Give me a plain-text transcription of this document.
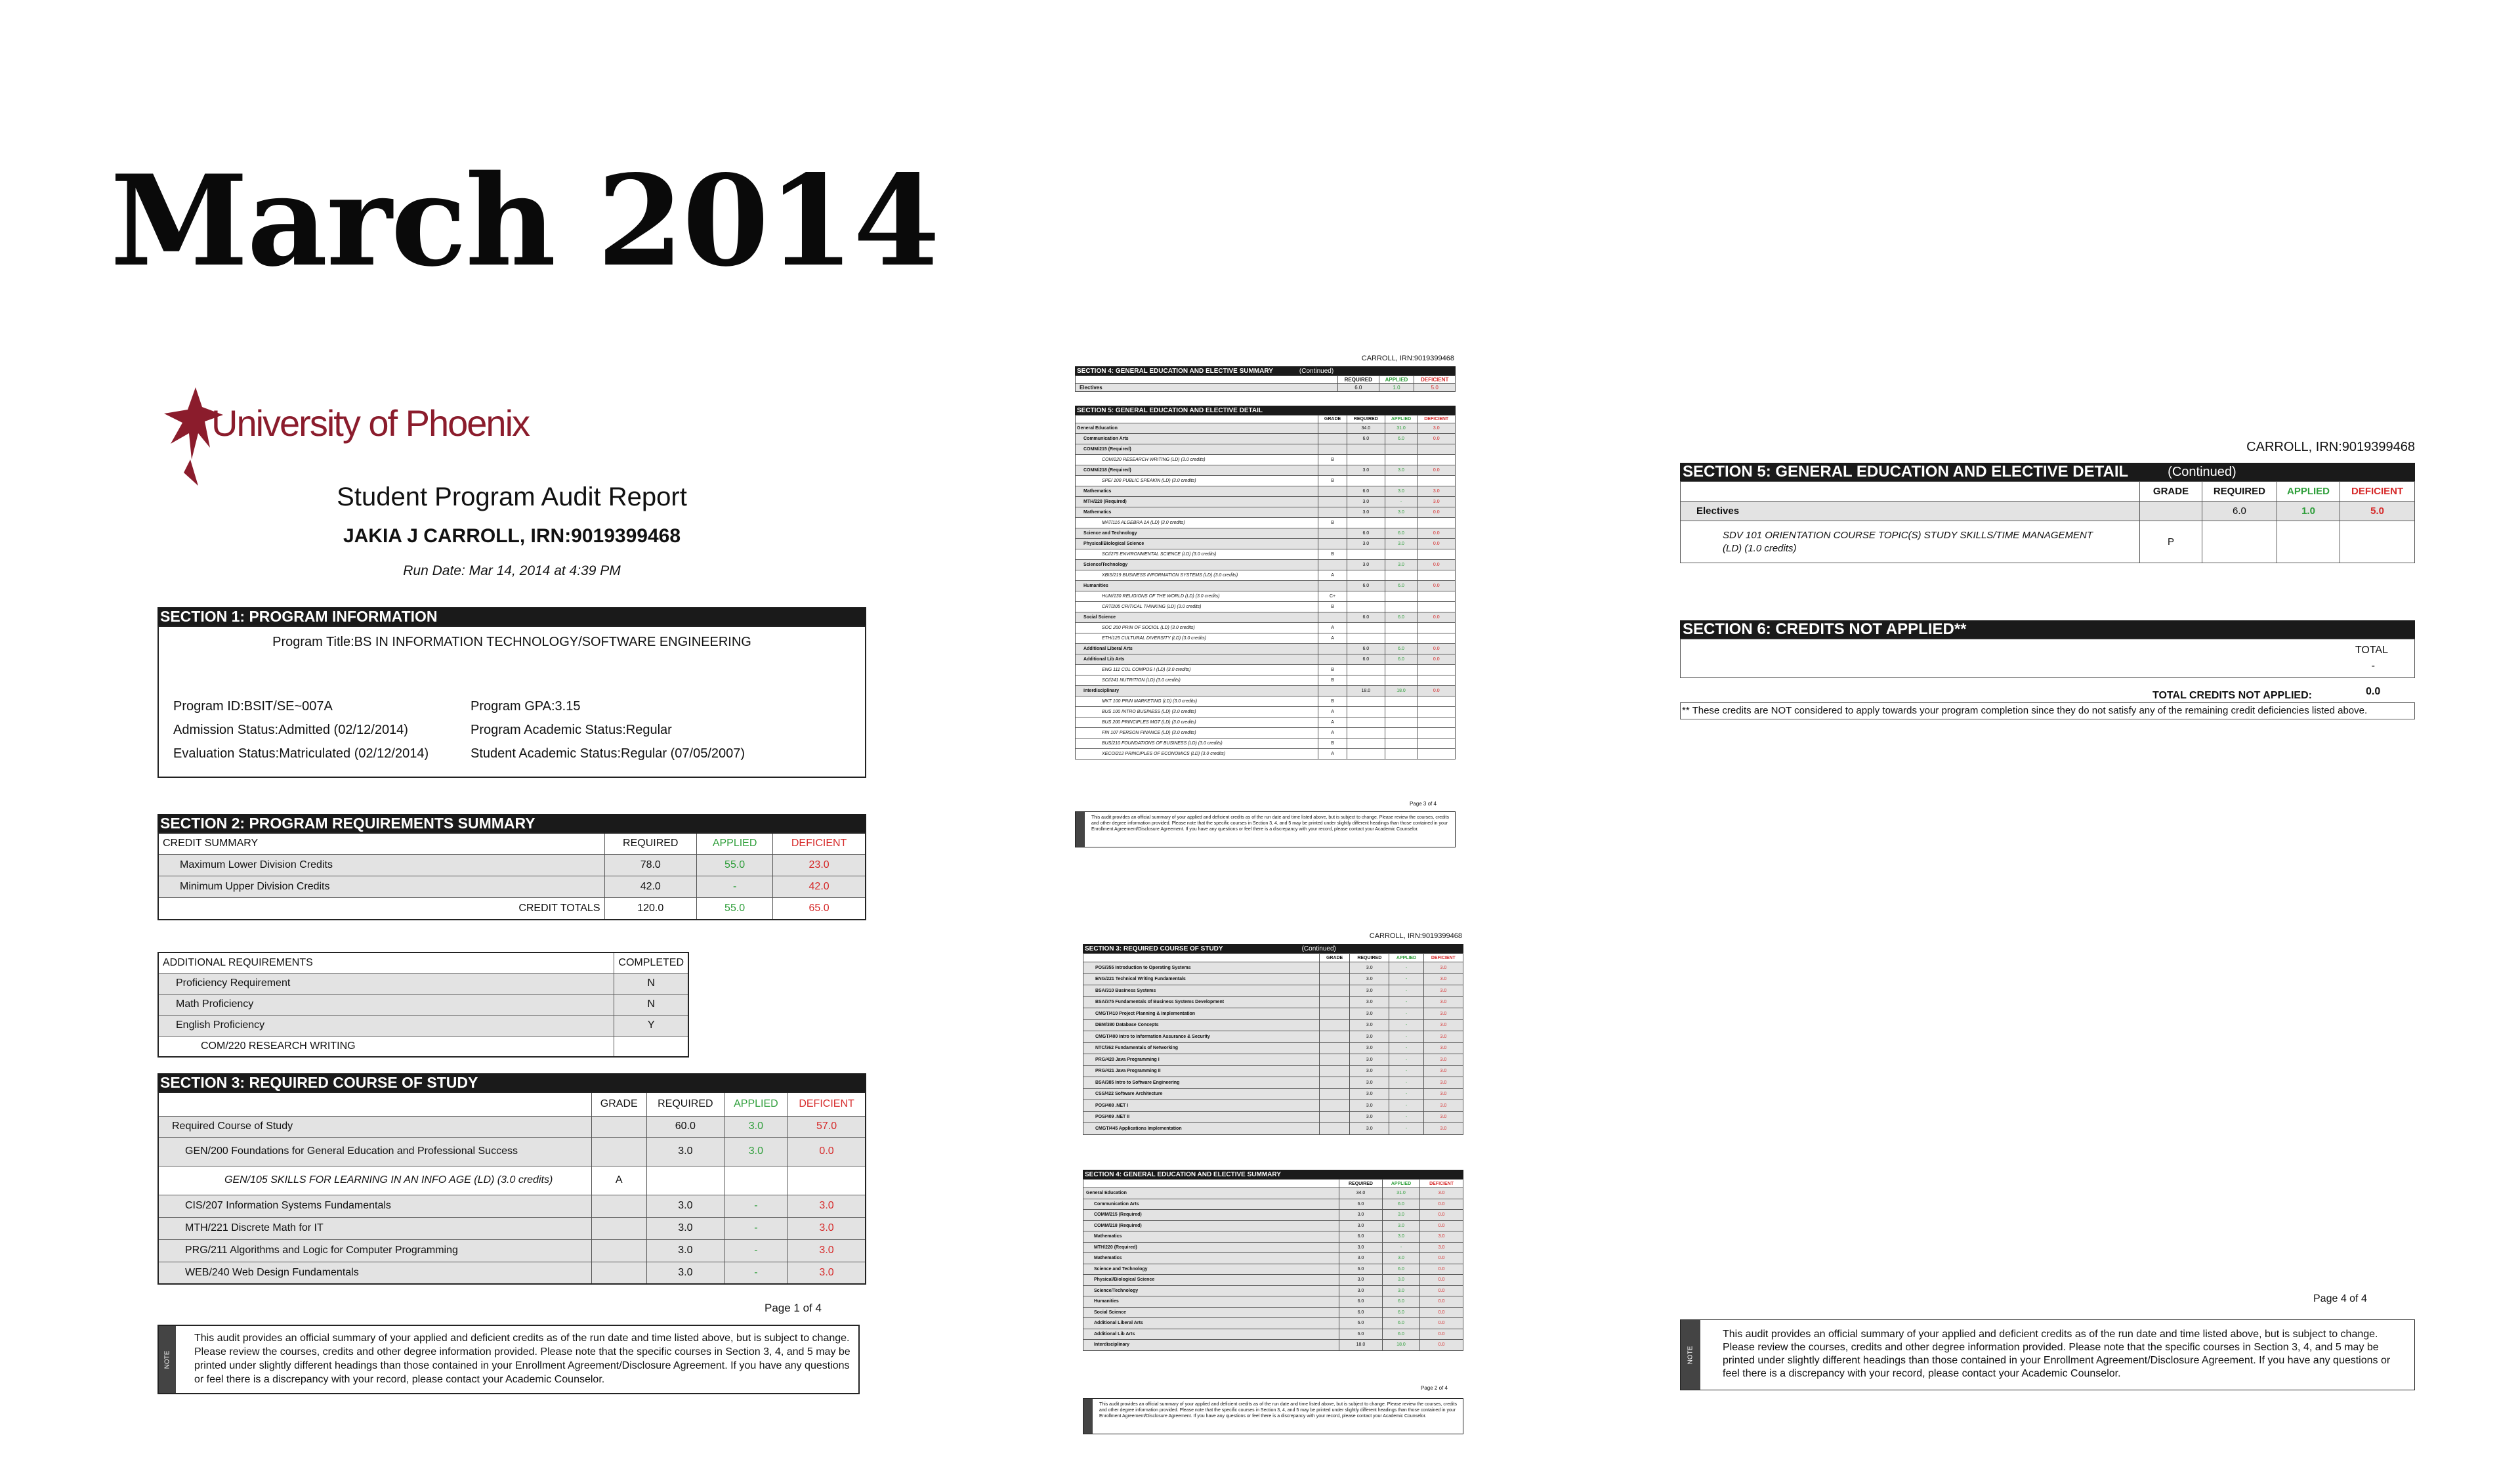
March 2014
University of Phoenix
Student Program Audit Report
JAKIA J CARROLL, IRN:9019399468
Run Date: Mar 14, 2014 at 4:39 PM
SECTION 1: PROGRAM INFORMATION
Program Title:BS IN INFORMATION TECHNOLOGY/SOFTWARE ENGINEERING
Program ID:BSIT/SE~007A	Program GPA:3.15
Admission Status:Admitted (02/12/2014)	Program Academic Status:Regular
Evaluation Status:Matriculated (02/12/2014)	Student Academic Status:Regular (07/05/2007)
SECTION 2: PROGRAM REQUIREMENTS SUMMARY
CREDIT SUMMARY	REQUIRED	APPLIED	DEFICIENT
Maximum Lower Division Credits	78.0	55.0	23.0
Minimum Upper Division Credits	42.0	-	42.0
CREDIT TOTALS	120.0	55.0	65.0
ADDITIONAL REQUIREMENTS	COMPLETED
Proficiency Requirement	N
Math Proficiency	N
English Proficiency	Y
COM/220 RESEARCH WRITING	
SECTION 3: REQUIRED COURSE OF STUDY
	GRADE	REQUIRED	APPLIED	DEFICIENT
Required Course of Study		60.0	3.0	57.0
GEN/200 Foundations for General Education and Professional Success		3.0	3.0	0.0
GEN/105 SKILLS FOR LEARNING IN AN INFO AGE (LD) (3.0 credits)	A			
CIS/207 Information Systems Fundamentals		3.0	-	3.0
MTH/221 Discrete Math for IT		3.0	-	3.0
PRG/211 Algorithms and Logic for Computer Programming		3.0	-	3.0
WEB/240 Web Design Fundamentals		3.0	-	3.0
Page 1 of 4
NOTE
This audit provides an official summary of your applied and deficient credits as of the run date and time listed above, but is subject to change. Please review the courses, credits and other degree information provided. Please note that the specific courses in Section 3, 4, and 5 may be printed under slightly different headings than those contained in your Enrollment Agreement/Disclosure Agreement. If you have any questions or feel there is a discrepancy with your record, please contact your Academic Counselor.
CARROLL, IRN:9019399468
SECTION 4: GENERAL EDUCATION AND ELECTIVE SUMMARY	(Continued)
	REQUIRED	APPLIED	DEFICIENT
Electives	6.0	1.0	5.0
SECTION 5: GENERAL EDUCATION AND ELECTIVE DETAIL
	GRADE	REQUIRED	APPLIED	DEFICIENT
General Education		34.0	31.0	3.0
Communication Arts		6.0	6.0	0.0
COMM/215 (Required)				
COM/220 RESEARCH WRITING (LD) (3.0 credits)	B			
COMM/218 (Required)		3.0	3.0	0.0
SPE/ 100 PUBLIC SPEAKIN (LD) (3.0 credits)	B			
Mathematics		6.0	3.0	3.0
MTH/220 (Required)		3.0	-	3.0
Mathematics		3.0	3.0	0.0
MAT/116 ALGEBRA 1A (LD) (3.0 credits)	B			
Science and Technology		6.0	6.0	0.0
Physical/Biological Science		3.0	3.0	0.0
SCI/275 ENVIRONMENTAL SCIENCE (LD) (3.0 credits)	B			
Science/Technology		3.0	3.0	0.0
XBIS/219 BUSINESS INFORMATION SYSTEMS (LD) (3.0 credits)	A			
Humanities		6.0	6.0	0.0
HUM/130 RELIGIONS OF THE WORLD (LD) (3.0 credits)	C+			
CRT/205 CRITICAL THINKING (LD) (3.0 credits)	B			
Social Science		6.0	6.0	0.0
SOC 200 PRIN OF SOCIOL (LD) (3.0 credits)	A			
ETH/125 CULTURAL DIVERSITY (LD) (3.0 credits)	A			
Additional Liberal Arts		6.0	6.0	0.0
Additional Lib Arts		6.0	6.0	0.0
ENG 111 COL COMPOS I (LD) (3.0 credits)	B			
SCI/241 NUTRITION (LD) (3.0 credits)	B			
Interdisciplinary		18.0	18.0	0.0
MKT 100 PRIN MARKETING (LD) (3.0 credits)	B			
BUS 100 INTRO BUSINESS (LD) (3.0 credits)	A			
BUS 200 PRINCIPLES MGT (LD) (3.0 credits)	A			
FIN 107 PERSON FINANCE (LD) (3.0 credits)	A			
BUS/210 FOUNDATIONS OF BUSINESS (LD) (3.0 credits)	B			
XECO/212 PRINCIPLES OF ECONOMICS (LD) (3.0 credits)	A			
Page 3 of 4
This audit provides an official summary of your applied and deficient credits as of the run date and time listed above, but is subject to change. Please review the courses, credits and other degree information provided. Please note that the specific courses in Section 3, 4, and 5 may be printed under slightly different headings than those contained in your Enrollment Agreement/Disclosure Agreement. If you have any questions or feel there is a discrepancy with your record, please contact your Academic Counselor.
CARROLL, IRN:9019399468
SECTION 3: REQUIRED COURSE OF STUDY	(Continued)
	GRADE	REQUIRED	APPLIED	DEFICIENT
POS/355 Introduction to Operating Systems		3.0	-	3.0
ENG/221 Technical Writing Fundamentals		3.0	-	3.0
BSA/310 Business Systems		3.0	-	3.0
BSA/375 Fundamentals of Business Systems Development		3.0	-	3.0
CMGT/410 Project Planning & Implementation		3.0	-	3.0
DBM/380 Database Concepts		3.0	-	3.0
CMGT/400 Intro to Information Assurance & Security		3.0	-	3.0
NTC/362 Fundamentals of Networking		3.0	-	3.0
PRG/420 Java Programming I		3.0	-	3.0
PRG/421 Java Programming II		3.0	-	3.0
BSA/385 Intro to Software Engineering		3.0	-	3.0
CSS/422 Software Architecture		3.0	-	3.0
POS/408 .NET I		3.0	-	3.0
POS/409 .NET II		3.0	-	3.0
CMGT/445 Applications Implementation		3.0	-	3.0
SECTION 4: GENERAL EDUCATION AND ELECTIVE SUMMARY
	REQUIRED	APPLIED	DEFICIENT
General Education	34.0	31.0	3.0
Communication Arts	6.0	6.0	0.0
COMM/215 (Required)	3.0	3.0	0.0
COMM/218 (Required)	3.0	3.0	0.0
Mathematics	6.0	3.0	3.0
MTH/220 (Required)	3.0	-	3.0
Mathematics	3.0	3.0	0.0
Science and Technology	6.0	6.0	0.0
Physical/Biological Science	3.0	3.0	0.0
Science/Technology	3.0	3.0	0.0
Humanities	6.0	6.0	0.0
Social Science	6.0	6.0	0.0
Additional Liberal Arts	6.0	6.0	0.0
Additional Lib Arts	6.0	6.0	0.0
Interdisciplinary	18.0	18.0	0.0
Page 2 of 4
This audit provides an official summary of your applied and deficient credits as of the run date and time listed above, but is subject to change. Please review the courses, credits and other degree information provided. Please note that the specific courses in Section 3, 4, and 5 may be printed under slightly different headings than those contained in your Enrollment Agreement/Disclosure Agreement. If you have any questions or feel there is a discrepancy with your record, please contact your Academic Counselor.
CARROLL, IRN:9019399468
SECTION 5: GENERAL EDUCATION AND ELECTIVE DETAIL	(Continued)
	GRADE	REQUIRED	APPLIED	DEFICIENT
Electives		6.0	1.0	5.0

SDV 101 ORIENTATION COURSE TOPIC(S) STUDY SKILLS/TIME MANAGEMENT
(LD) (1.0 credits)	P			
SECTION 6: CREDITS NOT APPLIED**
TOTAL
-
TOTAL CREDITS NOT APPLIED:	0.0
** These credits are NOT considered to apply towards your program completion since they do not satisfy any of the remaining credit deficiencies listed above.
Page 4 of 4
NOTE
This audit provides an official summary of your applied and deficient credits as of the run date and time listed above, but is subject to change. Please review the courses, credits and other degree information provided. Please note that the specific courses in Section 3, 4, and 5 may be printed under slightly different headings than those contained in your Enrollment Agreement/Disclosure Agreement. If you have any questions or feel there is a discrepancy with your record, please contact your Academic Counselor.
